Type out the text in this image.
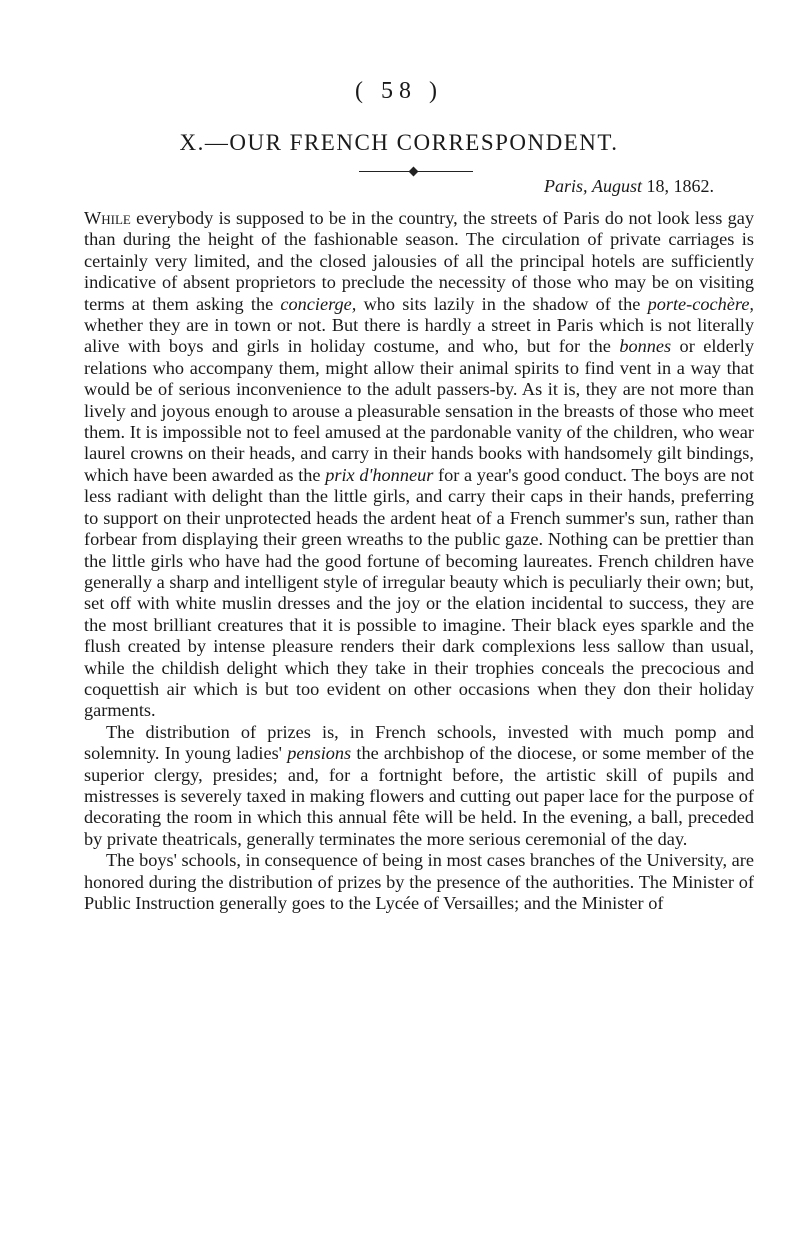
( 58 )
X.—OUR FRENCH CORRESPONDENT.
Paris, August 18, 1862.

While everybody is supposed to be in the country, the streets of Paris do not look less gay than during the height of the fashionable season. The circulation of private carriages is certainly very limited, and the closed jalousies of all the principal hotels are sufficiently indicative of absent proprietors to preclude the necessity of those who may be on visiting terms at them asking the concierge, who sits lazily in the shadow of the porte-cochère, whether they are in town or not. But there is hardly a street in Paris which is not literally alive with boys and girls in holiday costume, and who, but for the bonnes or elderly relations who accompany them, might allow their animal spirits to find vent in a way that would be of serious inconvenience to the adult passers-by. As it is, they are not more than lively and joyous enough to arouse a pleasurable sensation in the breasts of those who meet them. It is impossible not to feel amused at the pardonable vanity of the children, who wear laurel crowns on their heads, and carry in their hands books with handsomely gilt bindings, which have been awarded as the prix d'honneur for a year's good conduct. The boys are not less radiant with delight than the little girls, and carry their caps in their hands, preferring to support on their unprotected heads the ardent heat of a French summer's sun, rather than forbear from displaying their green wreaths to the public gaze. Nothing can be prettier than the little girls who have had the good fortune of becoming laureates. French children have generally a sharp and intelligent style of irregular beauty which is peculiarly their own; but, set off with white muslin dresses and the joy or the elation incidental to success, they are the most brilliant creatures that it is possible to imagine. Their black eyes sparkle and the flush created by intense pleasure renders their dark complexions less sallow than usual, while the childish delight which they take in their trophies conceals the precocious and coquettish air which is but too evident on other occasions when they don their holiday garments.

The distribution of prizes is, in French schools, invested with much pomp and solemnity. In young ladies' pensions the archbishop of the diocese, or some member of the superior clergy, presides; and, for a fortnight before, the artistic skill of pupils and mistresses is severely taxed in making flowers and cutting out paper lace for the purpose of decorating the room in which this annual fête will be held. In the evening, a ball, preceded by private theatricals, generally terminates the more serious ceremonial of the day.

The boys' schools, in consequence of being in most cases branches of the University, are honored during the distribution of prizes by the presence of the authorities. The Minister of Public Instruction generally goes to the Lycée of Versailles; and the Minister of
